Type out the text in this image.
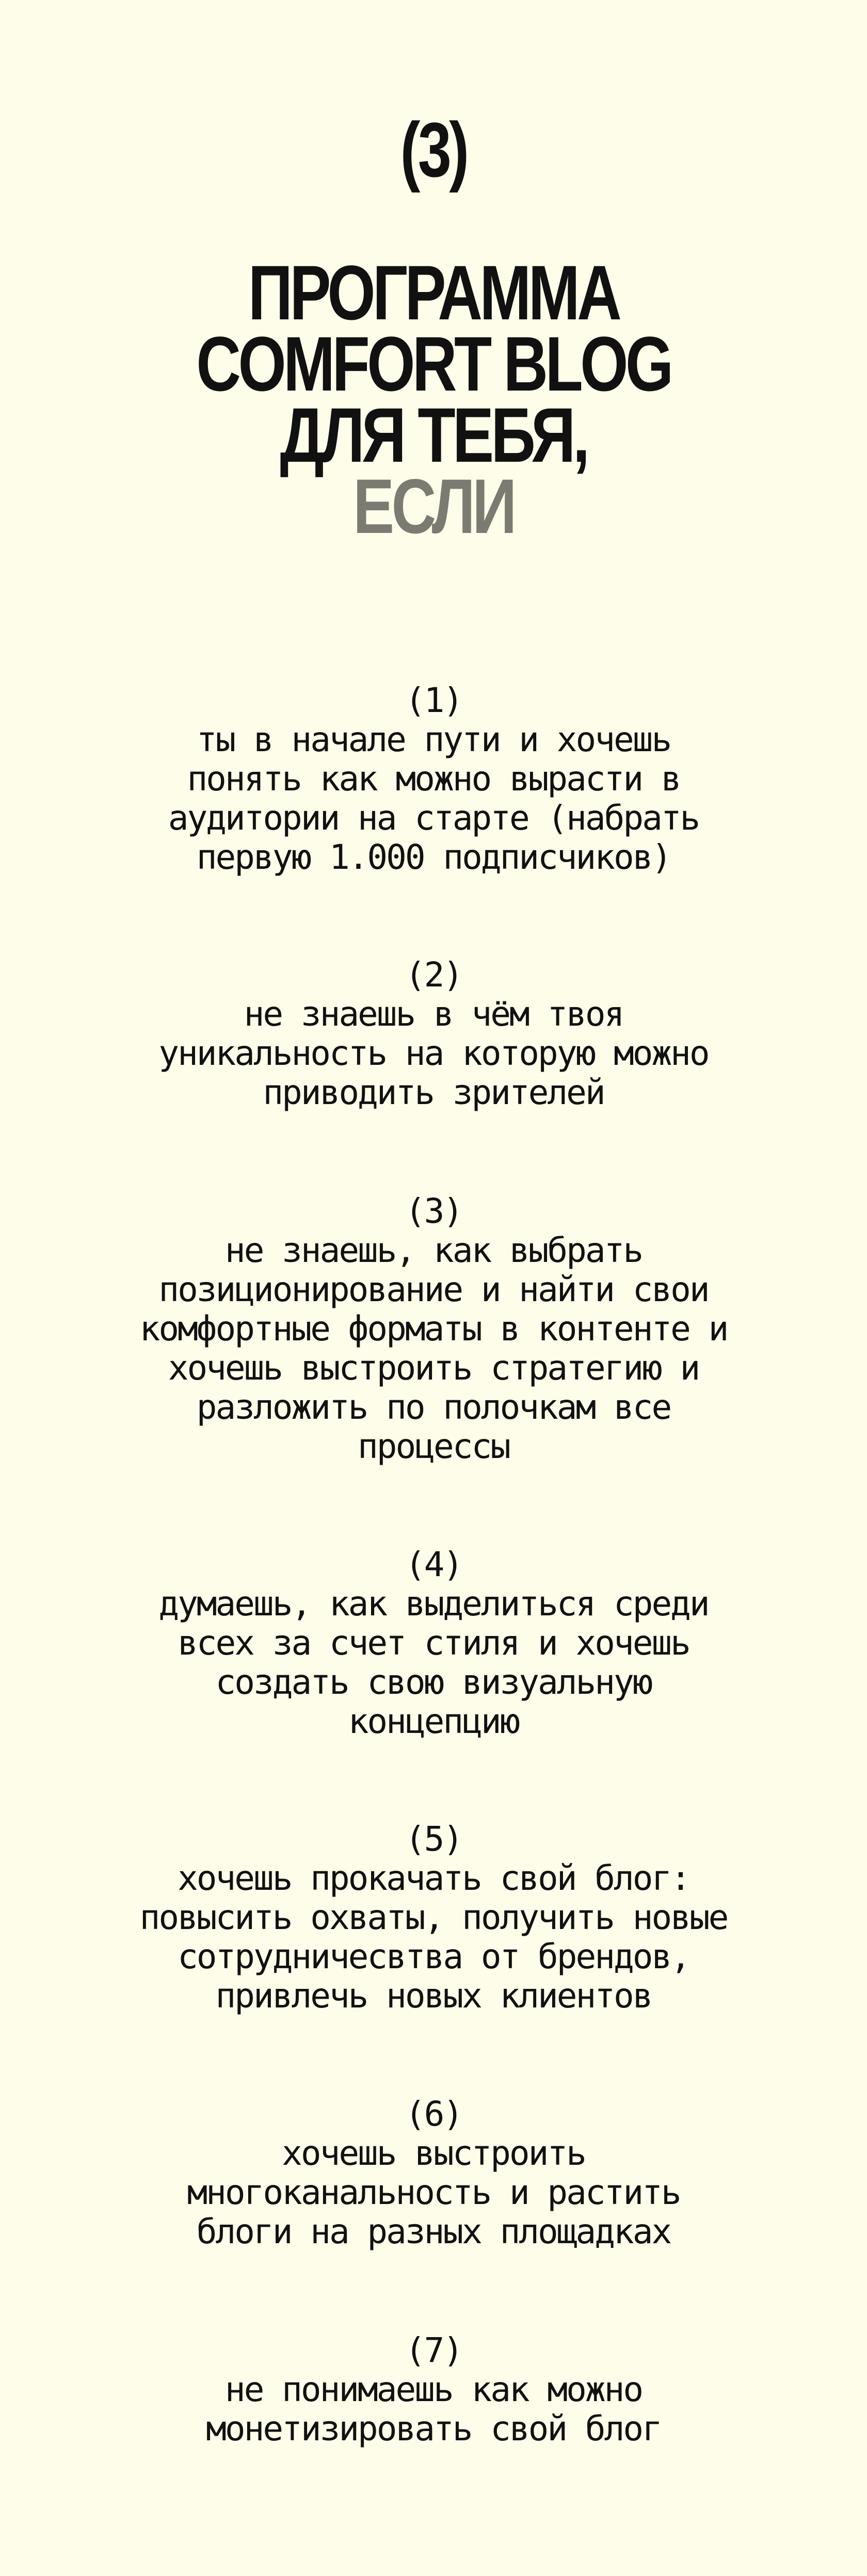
(3)
ПРОГРАММА
COMFORT BLOG
ДЛЯ ТЕБЯ,
ЕСЛИ
(1)
ты в начале пути и хочешь
понять как можно вырасти в
аудитории на старте (набрать
первую 1.000 подписчиков)
(2)
не знаешь в чём твоя
уникальность на которую можно
приводить зрителей
(3)
не знаешь, как выбрать
позиционирование и найти свои
комфортные форматы в контенте и
хочешь выстроить стратегию и
разложить по полочкам все
процессы
(4)
думаешь, как выделиться среди
всех за счет стиля и хочешь
создать свою визуальную
концепцию
(5)
хочешь прокачать свой блог:
повысить охваты, получить новые
сотрудничесвтва от брендов,
привлечь новых клиентов
(6)
хочешь выстроить
многоканальность и растить
блоги на разных площадках
(7)
не понимаешь как можно
монетизировать свой блог
